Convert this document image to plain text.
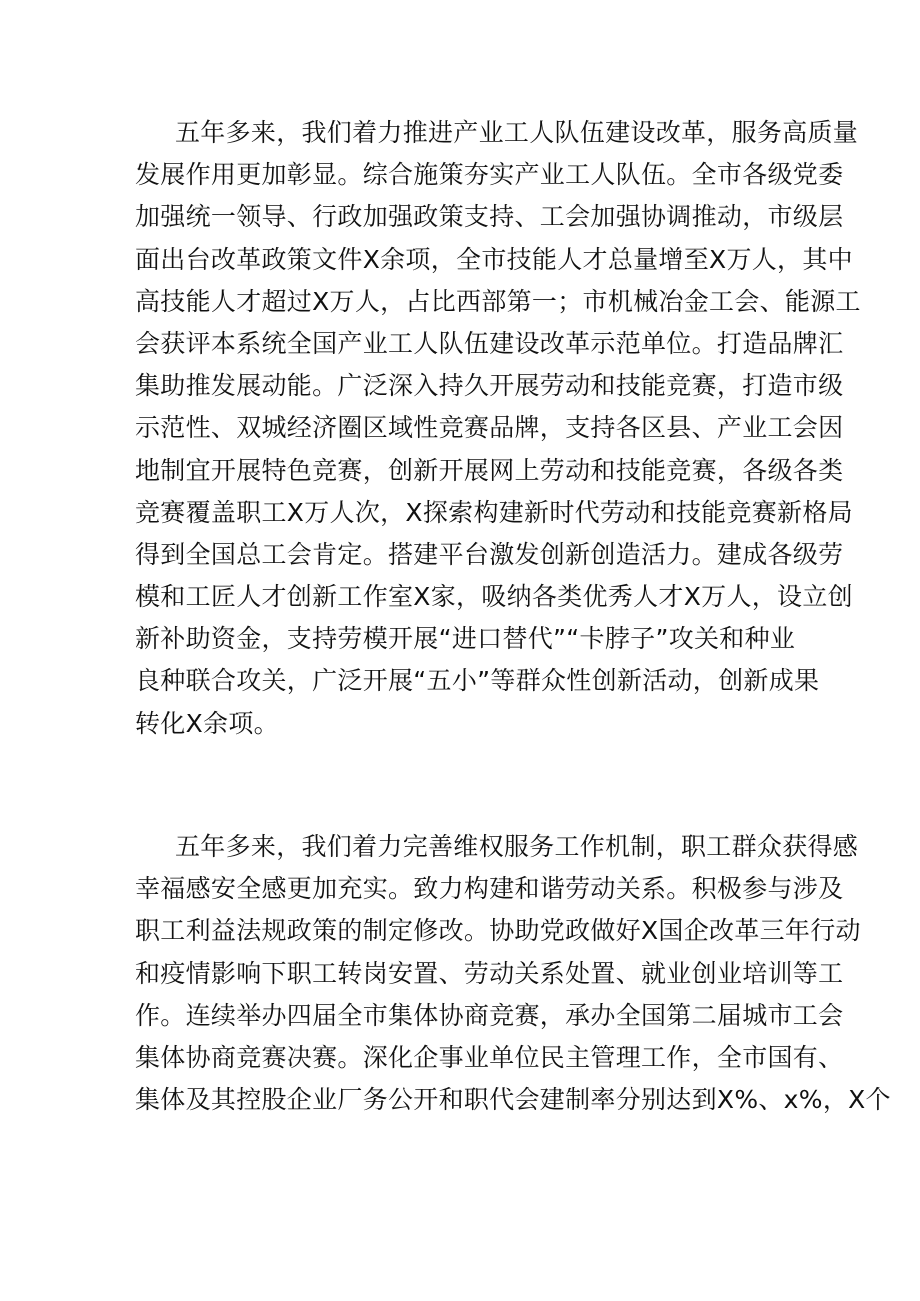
五年多来，我们着力推进产业工人队伍建设改革，服务高质量
发展作用更加彰显。综合施策夯实产业工人队伍。全市各级党委
加强统一领导、行政加强政策支持、工会加强协调推动，市级层
面出台改革政策文件X余项，全市技能人才总量增至X万人，其中
高技能人才超过X万人，占比西部第一；市机械冶金工会、能源工
会获评本系统全国产业工人队伍建设改革示范单位。打造品牌汇
集助推发展动能。广泛深入持久开展劳动和技能竞赛，打造市级
示范性、双城经济圈区域性竞赛品牌，支持各区县、产业工会因
地制宜开展特色竞赛，创新开展网上劳动和技能竞赛，各级各类
竞赛覆盖职工X万人次，X探索构建新时代劳动和技能竞赛新格局
得到全国总工会肯定。搭建平台激发创新创造活力。建成各级劳
模和工匠人才创新工作室X家，吸纳各类优秀人才X万人，设立创
新补助资金，支持劳模开展“进口替代”“卡脖子”攻关和种业
良种联合攻关，广泛开展“五小”等群众性创新活动，创新成果
转化X余项。
五年多来，我们着力完善维权服务工作机制，职工群众获得感
幸福感安全感更加充实。致力构建和谐劳动关系。积极参与涉及
职工利益法规政策的制定修改。协助党政做好X国企改革三年行动
和疫情影响下职工转岗安置、劳动关系处置、就业创业培训等工
作。连续举办四届全市集体协商竞赛，承办全国第二届城市工会
集体协商竞赛决赛。深化企事业单位民主管理工作，全市国有、
集体及其控股企业厂务公开和职代会建制率分别达到X%、x%，X个
